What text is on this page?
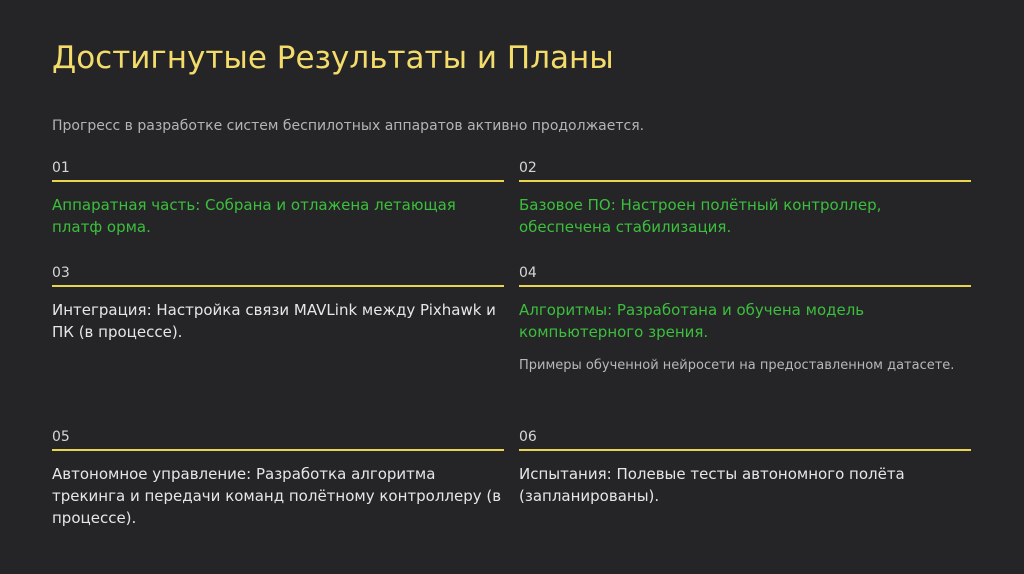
Достигнутые Результаты и Планы
Прогресс в разработке систем беспилотных аппаратов активно продолжается.
01
Аппаратная часть: Собрана и отлажена летающая платф орма.
02
Базовое ПО: Настроен полётный контроллер, обеспечена стабилизация.
03
Интеграция: Настройка связи MAVLink между Pixhawk и ПК (в процессе).
04
Алгоритмы: Разработана и обучена модель компьютерного зрения.
Примеры обученной нейросети на предоставленном датасете.
05
Автономное управление: Разработка алгоритма трекинга и передачи команд полётному контроллеру (в процессе).
06
Испытания: Полевые тесты автономного полёта (запланированы).
